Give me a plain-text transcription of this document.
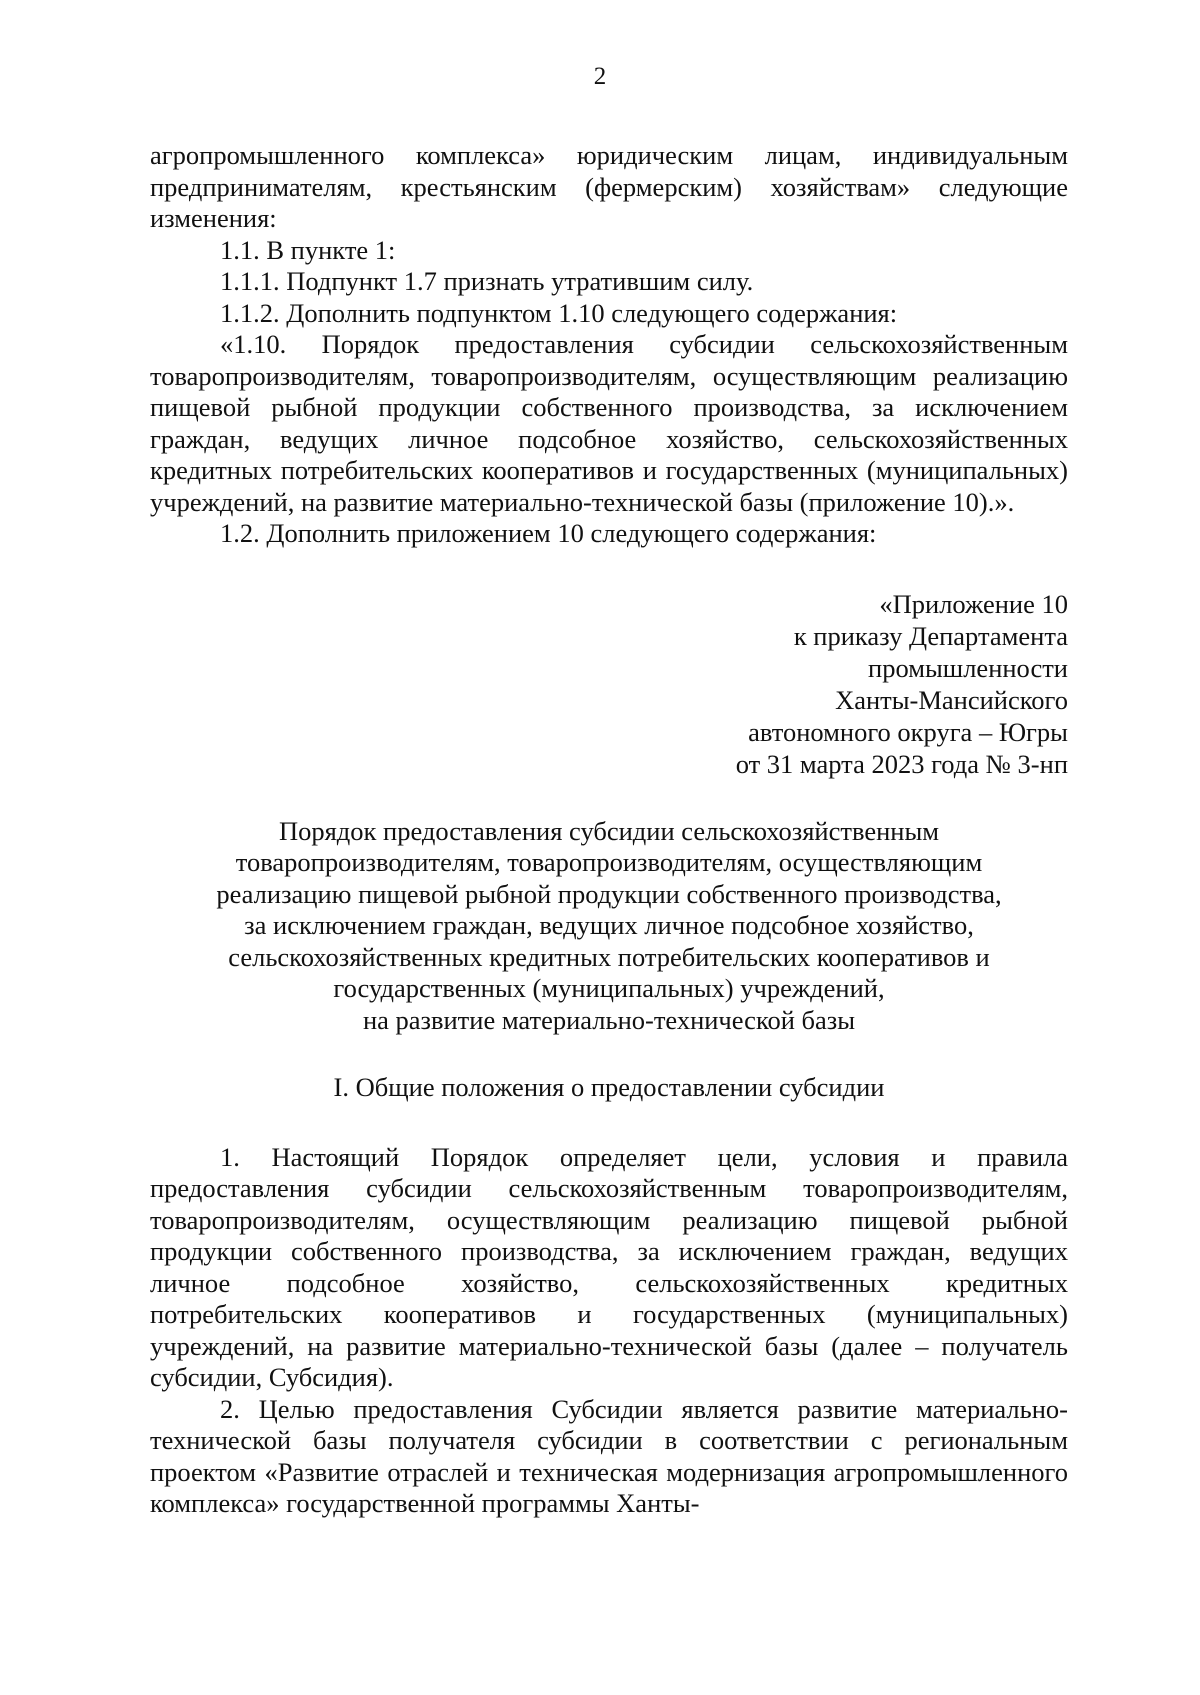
2

агропромышленного комплекса» юридическим лицам, индивидуальным предпринимателям, крестьянским (фермерским) хозяйствам» следующие изменения:

1.1. В пункте 1:

1.1.1. Подпункт 1.7 признать утратившим силу.

1.1.2. Дополнить подпунктом 1.10 следующего содержания:

«1.10. Порядок предоставления субсидии сельскохозяйственным товаропроизводителям, товаропроизводителям, осуществляющим реализацию пищевой рыбной продукции собственного производства, за исключением граждан, ведущих личное подсобное хозяйство, сельскохозяйственных кредитных потребительских кооперативов и государственных (муниципальных) учреждений, на развитие материально-технической базы (приложение 10).».

1.2. Дополнить приложением 10 следующего содержания:

«Приложение 10
к приказу Департамента
промышленности
Ханты-Мансийского
автономного округа – Югры
от 31 марта 2023 года № 3-нп
Порядок предоставления субсидии сельскохозяйственным
товаропроизводителям, товаропроизводителям, осуществляющим
реализацию пищевой рыбной продукции собственного производства,
за исключением граждан, ведущих личное подсобное хозяйство,
сельскохозяйственных кредитных потребительских кооперативов и
государственных (муниципальных) учреждений,
на развитие материально-технической базы
I. Общие положения о предоставлении субсидии

1. Настоящий Порядок определяет цели, условия и правила предоставления субсидии сельскохозяйственным товаропроизводителям, товаропроизводителям, осуществляющим реализацию пищевой рыбной продукции собственного производства, за исключением граждан, ведущих личное подсобное хозяйство, сельскохозяйственных кредитных потребительских кооперативов и государственных (муниципальных) учреждений, на развитие материально-технической базы (далее – получатель субсидии, Субсидия).

2. Целью предоставления Субсидии является развитие материально-технической базы получателя субсидии в соответствии с региональным проектом «Развитие отраслей и техническая модернизация агропромышленного комплекса» государственной программы Ханты-
